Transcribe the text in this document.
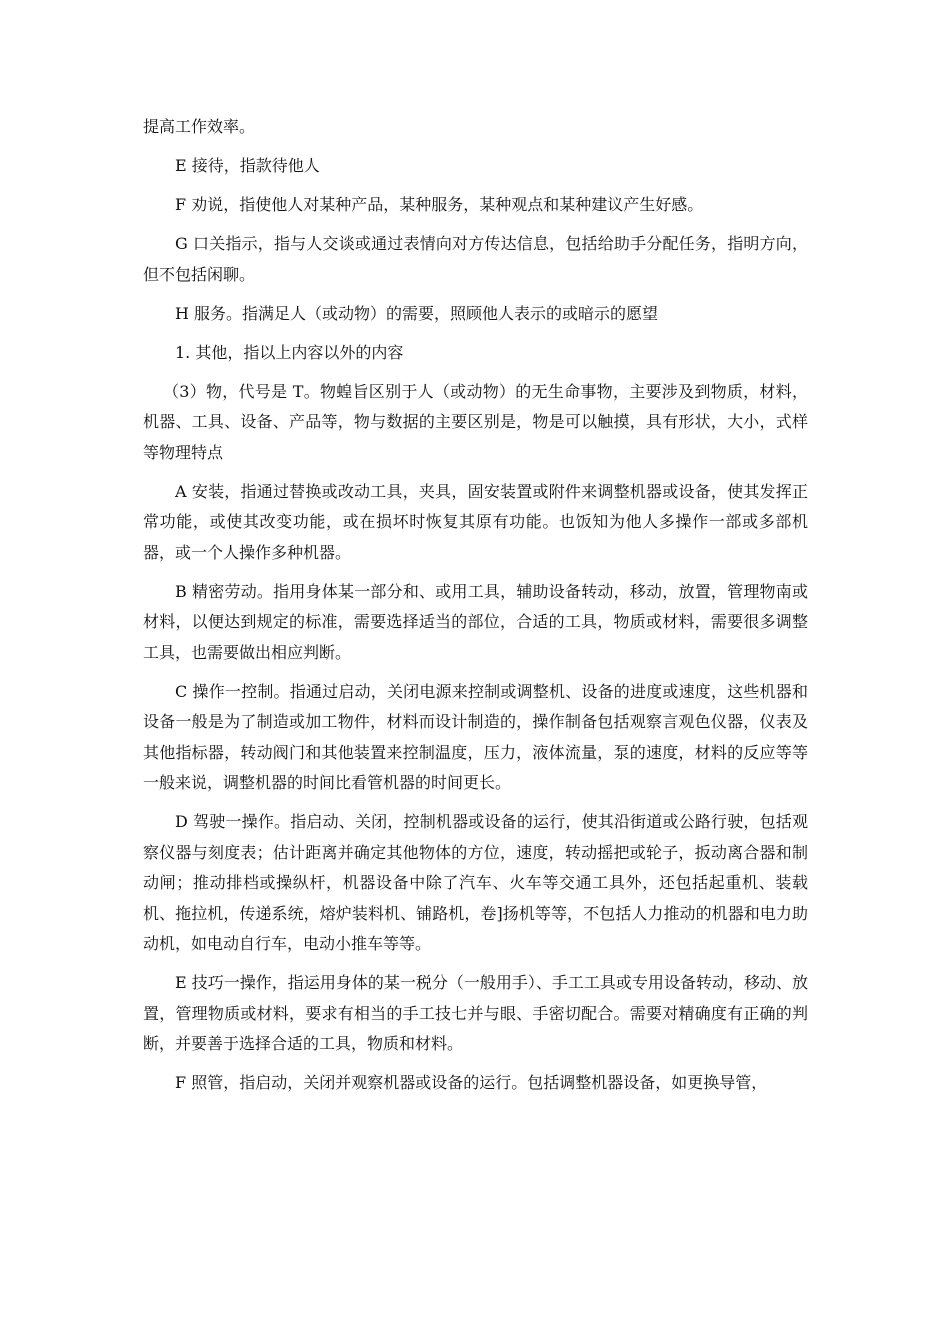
提高工作效率。

E 接待，指款待他人

F 劝说，指使他人对某种产品，某种服务，某种观点和某种建议产生好感。

G 口关指示，指与人交谈或通过表情向对方传达信息，包括给助手分配任务，指明方向，但不包括闲聊。

H 服务。指满足人（或动物）的需要，照顾他人表示的或暗示的愿望

1. 其他，指以上内容以外的内容

（3）物，代号是 T。物蝗旨区别于人（或动物）的无生命事物，主要涉及到物质，材料，机器、工具、设备、产品等，物与数据的主要区别是，物是可以触摸，具有形状，大小，式样等物理特点

A 安装，指通过替换或改动工具，夹具，固安装置或附件来调整机器或设备，使其发挥正常功能，或使其改变功能，或在损坏时恢复其原有功能。也饭知为他人多操作一部或多部机器，或一个人操作多种机器。

B 精密劳动。指用身体某一部分和、或用工具，辅助设备转动，移动，放置，管理物南或材料，以便达到规定的标准，需要选择适当的部位，合适的工具，物质或材料，需要很多调整工具，也需要做出相应判断。

C 操作一控制。指通过启动，关闭电源来控制或调整机、设备的进度或速度，这些机器和设备一般是为了制造或加工物件，材料而设计制造的，操作制备包括观察言观色仪器，仪表及其他指标器，转动阀门和其他装置来控制温度，压力，液体流量，泵的速度，材料的反应等等一般来说，调整机器的时间比看管机器的时间更长。

D 驾驶一操作。指启动、关闭，控制机器或设备的运行，使其沿街道或公路行驶，包括观察仪器与刻度表；估计距离并确定其他物体的方位，速度，转动摇把或轮子，扳动离合器和制动闸；推动排档或操纵杆，机器设备中除了汽车、火车等交通工具外，还包括起重机、装载机、拖拉机，传递系统，熔炉装料机、铺路机，卷]扬机等等，不包括人力推动的机器和电力助动机，如电动自行车，电动小推车等等。

E 技巧一操作，指运用身体的某一税分（一般用手）、手工工具或专用设备转动，移动、放置，管理物质或材料，要求有相当的手工技七并与眼、手密切配合。需要对精确度有正确的判断，并要善于选择合适的工具，物质和材料。

F 照管，指启动，关闭并观察机器或设备的运行。包括调整机器设备，如更换导管，
